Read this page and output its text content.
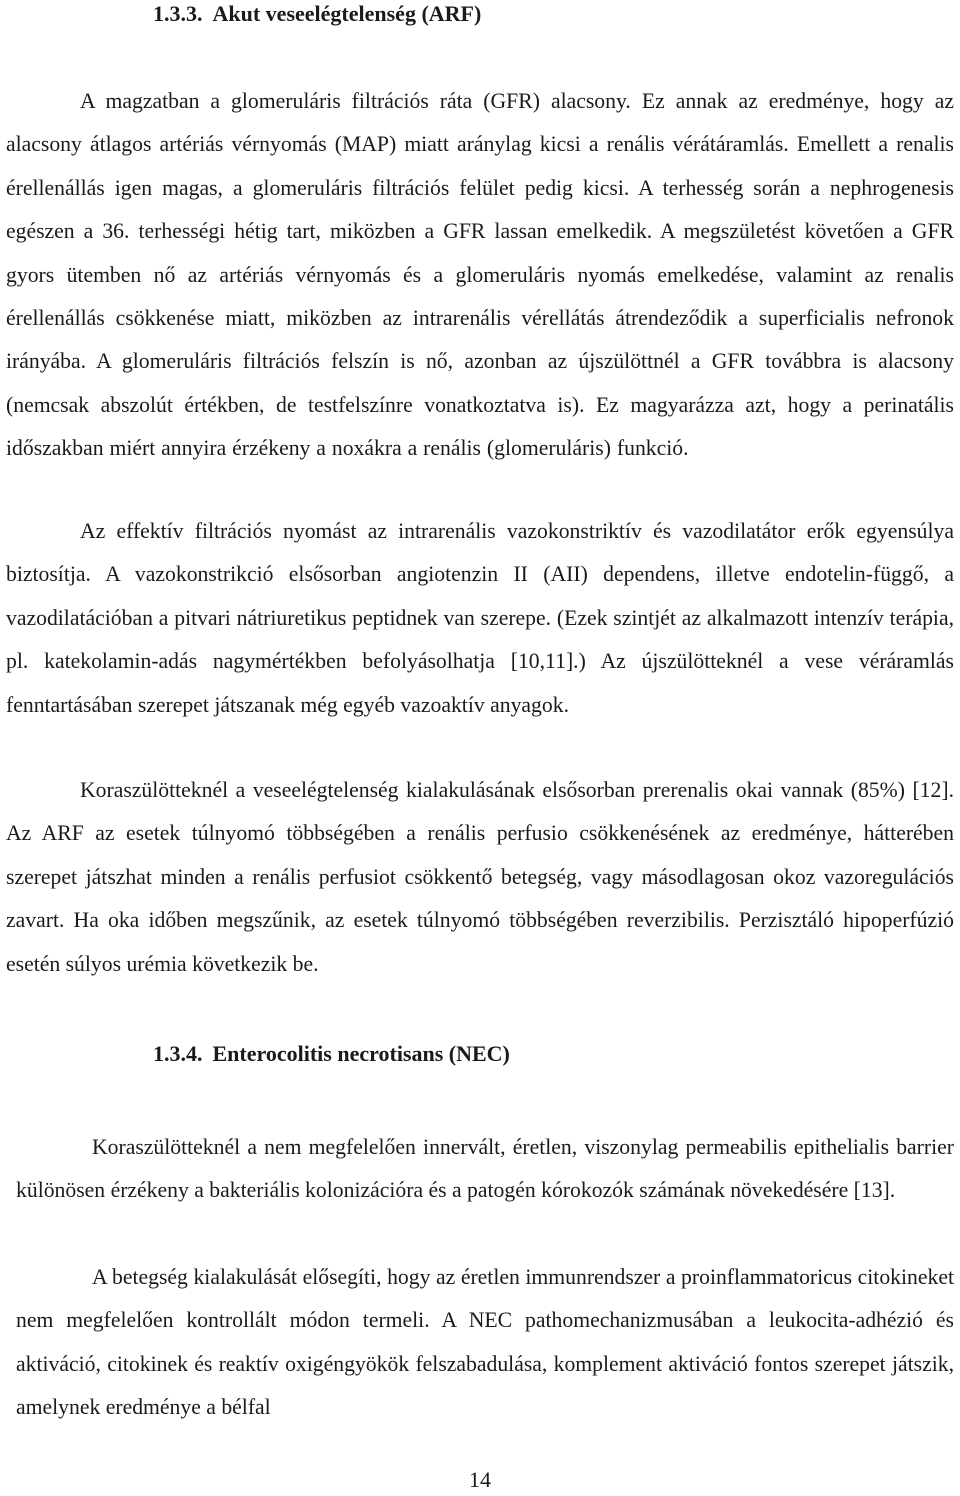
1.3.3. Akut veseelégtelenség (ARF)

A magzatban a glomeruláris filtrációs ráta (GFR) alacsony. Ez annak az eredménye, hogy az alacsony átlagos artériás vérnyomás (MAP) miatt aránylag kicsi a renális vérátáramlás. Emellett a renalis érellenállás igen magas, a glomeruláris filtrációs felület pedig kicsi. A terhesség során a nephrogenesis egészen a 36. terhességi hétig tart, miközben a GFR lassan emelkedik. A megszületést követően a GFR gyors ütemben nő az artériás vérnyomás és a glomeruláris nyomás emelkedése, valamint az renalis érellenállás csökkenése miatt, miközben az intrarenális vérellátás átrendeződik a superficialis nefronok irányába. A glomeruláris filtrációs felszín is nő, azonban az újszülöttnél a GFR továbbra is alacsony (nemcsak abszolút értékben, de testfelszínre vonatkoztatva is). Ez magyarázza azt, hogy a perinatális időszakban miért annyira érzékeny a noxákra a renális (glomeruláris) funkció.

Az effektív filtrációs nyomást az intrarenális vazokonstriktív és vazodilatátor erők egyensúlya biztosítja. A vazokonstrikció elsősorban angiotenzin II (AII) dependens, illetve endotelin-függő, a vazodilatációban a pitvari nátriuretikus peptidnek van szerepe. (Ezek szintjét az alkalmazott intenzív terápia, pl. katekolamin-adás nagymértékben befolyásolhatja [10,11].) Az újszülötteknél a vese véráramlás fenntartásában szerepet játszanak még egyéb vazoaktív anyagok.

Koraszülötteknél a veseelégtelenség kialakulásának elsősorban prerenalis okai vannak (85%) [12]. Az ARF az esetek túlnyomó többségében a renális perfusio csökkenésének az eredménye, hátterében szerepet játszhat minden a renális perfusiot csökkentő betegség, vagy másodlagosan okoz vazoregulációs zavart. Ha oka időben megszűnik, az esetek túlnyomó többségében reverzibilis. Perzisztáló hipoperfúzió esetén súlyos urémia következik be.

1.3.4. Enterocolitis necrotisans (NEC)

Koraszülötteknél a nem megfelelően innervált, éretlen, viszonylag permeabilis epithelialis barrier különösen érzékeny a bakteriális kolonizációra és a patogén kórokozók számának növekedésére [13].

A betegség kialakulását elősegíti, hogy az éretlen immunrendszer a proinflammatoricus citokineket nem megfelelően kontrollált módon termeli. A NEC pathomechanizmusában a leukocita-adhézió és aktiváció, citokinek és reaktív oxigéngyökök felszabadulása, komplement aktiváció fontos szerepet játszik, amelynek eredménye a bélfal

14
